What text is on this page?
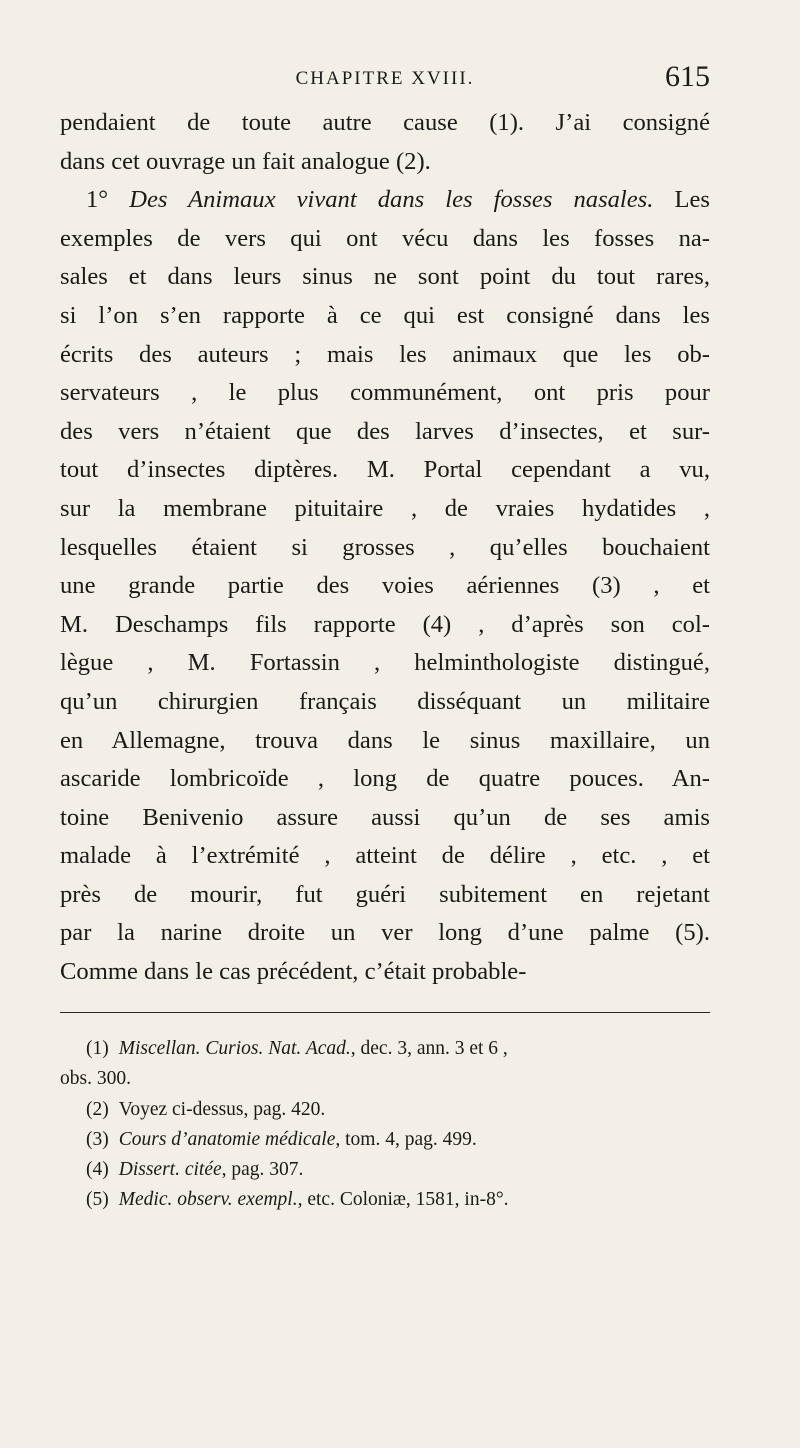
CHAPITRE XVIII.	615
pendaient de toute autre cause (1). J’ai consigné
dans cet ouvrage un fait analogue (2).
1° Des Animaux vivant dans les fosses nasales. Les
exemples de vers qui ont vécu dans les fosses na-
sales et dans leurs sinus ne sont point du tout rares,
si l’on s’en rapporte à ce qui est consigné dans les
écrits des auteurs ; mais les animaux que les ob-
servateurs , le plus communément, ont pris pour
des vers n’étaient que des larves d’insectes, et sur-
tout d’insectes diptères. M. Portal cependant a vu,
sur la membrane pituitaire , de vraies hydatides ,
lesquelles étaient si grosses , qu’elles bouchaient
une grande partie des voies aériennes (3) , et
M. Deschamps fils rapporte (4) , d’après son col-
lègue , M. Fortassin , helminthologiste distingué,
qu’un chirurgien français disséquant un militaire
en Allemagne, trouva dans le sinus maxillaire, un
ascaride lombricoïde , long de quatre pouces. An-
toine Benivenio assure aussi qu’un de ses amis
malade à l’extrémité , atteint de délire , etc. , et
près de mourir, fut guéri subitement en rejetant
par la narine droite un ver long d’une palme (5).
Comme dans le cas précédent, c’était probable-
(1) Miscellan. Curios. Nat. Acad., dec. 3, ann. 3 et 6 ,
obs. 300.
(2) Voyez ci-dessus, pag. 420.
(3) Cours d’anatomie médicale, tom. 4, pag. 499.
(4) Dissert. citée, pag. 307.
(5) Medic. observ. exempl., etc. Coloniæ, 1581, in-8°.
